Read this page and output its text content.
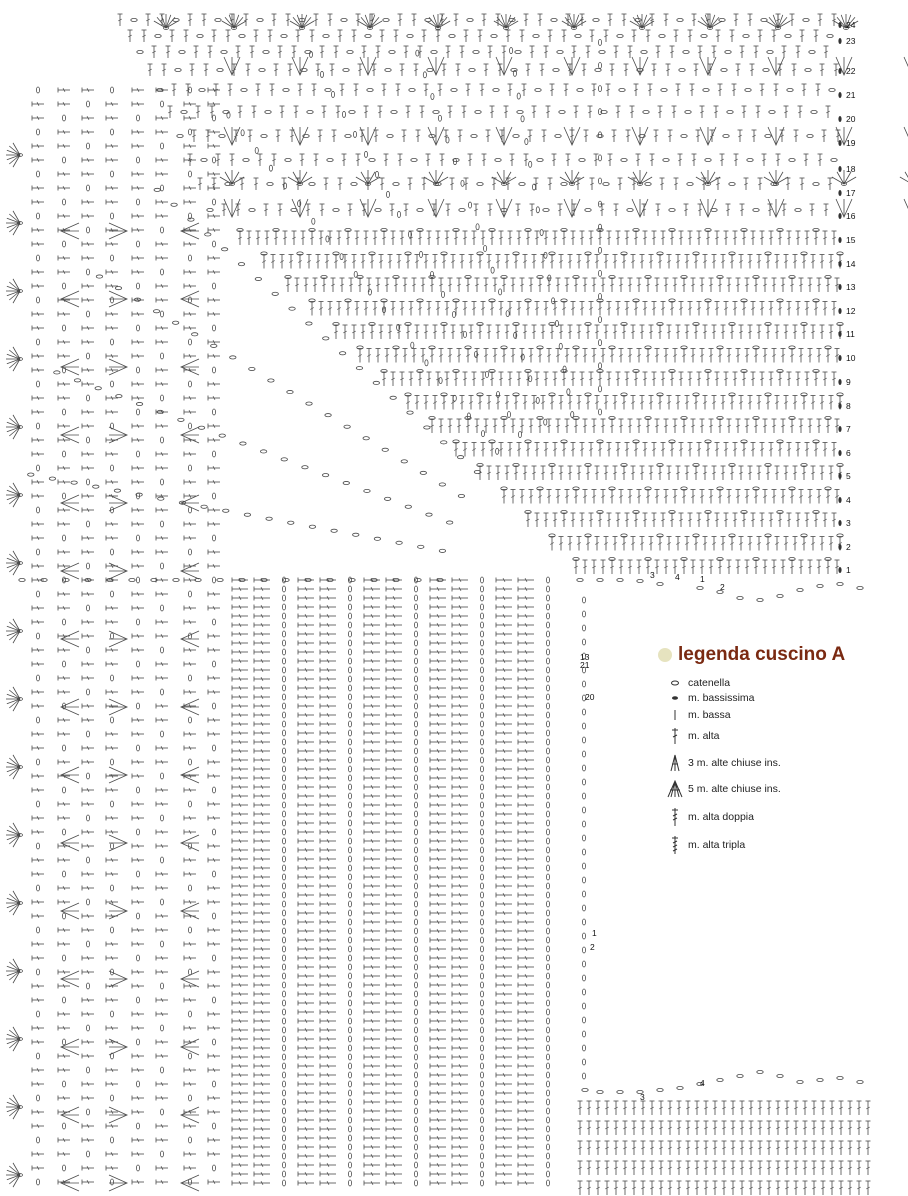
24
23
22
21
20
19
18
17
16
15
14
13
12
11
10
9
8
7
6
5
4
3
2
1
1
2
3 4
13
20
21
1
2
3
4
legenda cuscino A
catenella
m. bassissima
m. bassa
m. alta
3 m. alte chiuse ins.
5 m. alte chiuse ins.
m. alta doppia
m. alta tripla
